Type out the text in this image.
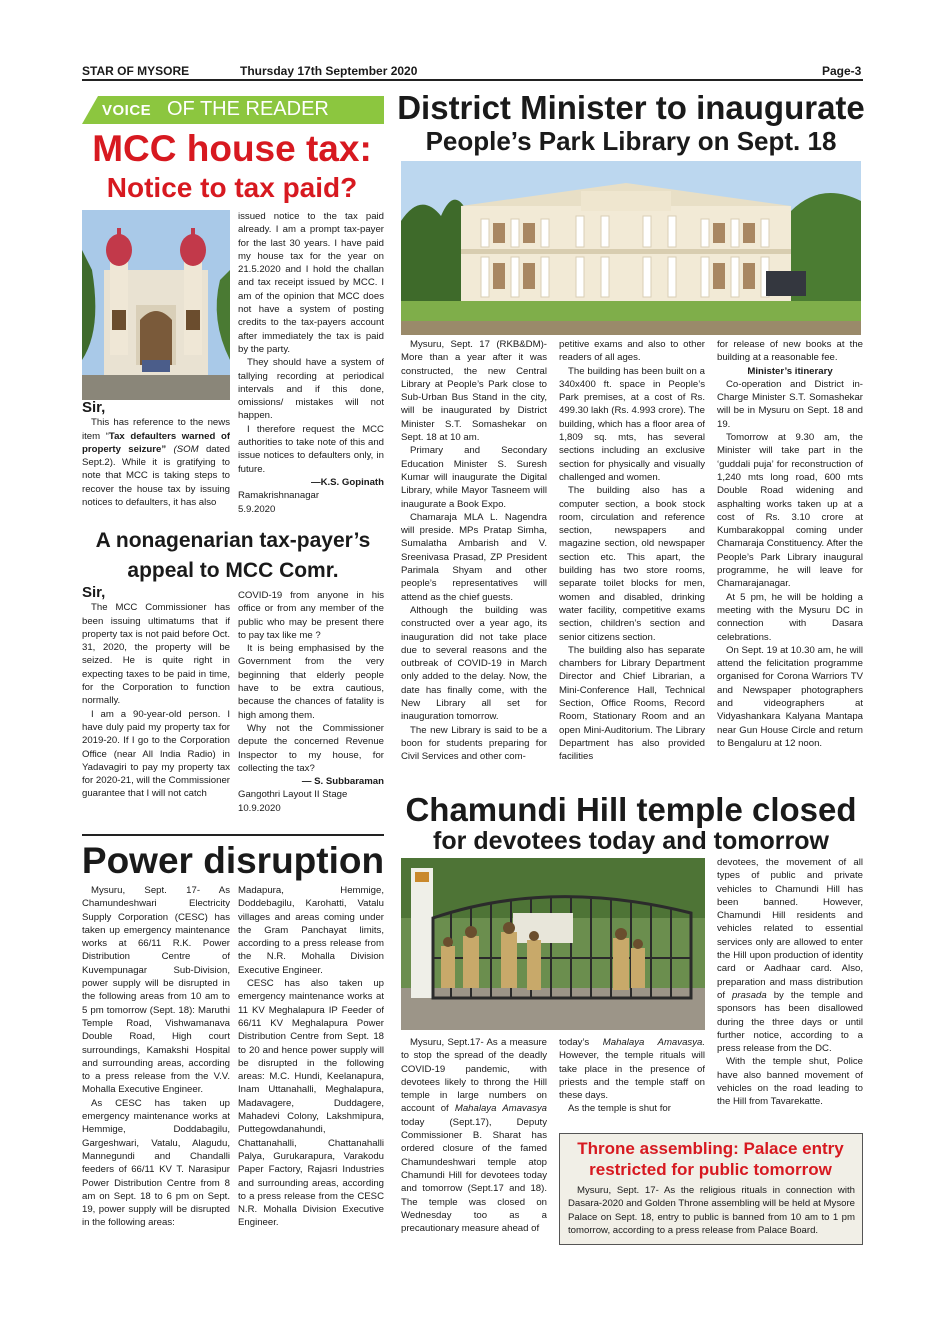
STAR OF MYSORE	Thursday 17th September 2020	Page-3
VOICE OF THE READER
MCC house tax:
Notice to tax paid?

Sir,

This has reference to the news item “Tax defaulters warned of property seizure” (SOM dated Sept.2). While it is gratifying to note that MCC is taking steps to recover the house tax by issuing notices to defaulters, it has also

issued notice to the tax paid already. I am a prompt tax-payer for the last 30 years. I have paid my house tax for the year on 21.5.2020 and I hold the challan and tax receipt issued by MCC. I am of the opinion that MCC does not have a system of posting credits to the tax-payers account after immediately the tax is paid by the party.

They should have a system of tallying recording at periodical intervals and if this done, omissions/ mistakes will not happen.

I therefore request the MCC authorities to take note of this and issue notices to defaulters only, in future.

—K.S. Gopinath

Ramakrishnanagar

5.9.2020

A nonagenarian tax-payer’s
appeal to MCC Comr.

Sir,

The MCC Commissioner has been issuing ultimatums that if property tax is not paid before Oct. 31, 2020, the property will be seized. He is quite right in expecting taxes to be paid in time, for the Corporation to function normally.

I am a 90-year-old person. I have duly paid my property tax for 2019-20. If I go to the Corporation Office (near All India Radio) in Yadavagiri to pay my property tax for 2020-21, will the Commissioner guarantee that I will not catch

COVID-19 from anyone in his office or from any member of the public who may be present there to pay tax like me ?

It is being emphasised by the Government from the very beginning that elderly people have to be extra cautious, because the chances of fatality is high among them.

Why not the Commissioner depute the concerned Revenue Inspector to my house, for collecting the tax?

— S. Subbaraman

Gangothri Layout II Stage

10.9.2020

Power disruption

Mysuru, Sept. 17- As Chamundeshwari Electricity Supply Corporation (CESC) has taken up emergency maintenance works at 66/11 R.K. Power Distribution Centre of Kuvempunagar Sub-Division, power supply will be disrupted in the following areas from 10 am to 5 pm tomorrow (Sept. 18): Maruthi Temple Road, Vishwamanava Double Road, High court surroundings, Kamakshi Hospital and surrounding areas, according to a press release from the V.V. Mohalla Executive Engineer.

As CESC has taken up emergency maintenance works at Hemmige, Doddabagilu, Gargeshwari, Vatalu, Alagudu, Mannegundi and Chandalli feeders of 66/11 KV T. Narasipur Power Distribution Centre from 8 am on Sept. 18 to 6 pm on Sept. 19, power supply will be disrupted in the following areas:

Madapura, Hemmige, Doddebagilu, Karohatti, Vatalu villages and areas coming under the Gram Panchayat limits, according to a press release from the N.R. Mohalla Division Executive Engineer.

CESC has also taken up emergency maintenance works at 11 KV Meghalapura IP Feeder of 66/11 KV Meghalapura Power Distribution Centre from Sept. 18 to 20 and hence power supply will be disrupted in the following areas: M.C. Hundi, Keelanapura, Inam Uttanahalli, Meghalapura, Madavagere, Duddagere, Mahadevi Colony, Lakshmipura, Puttegowdanahundi, Chattanahalli, Chattanahalli Palya, Gurukarapura, Varakodu Paper Factory, Rajasri Industries and surrounding areas, according to a press release from the CESC N.R. Mohalla Division Executive Engineer.

District Minister to inaugurate
People’s Park Library on Sept. 18

Mysuru, Sept. 17 (RKB&DM)- More than a year after it was constructed, the new Central Library at People’s Park close to Sub-Urban Bus Stand in the city, will be inaugurated by District Minister S.T. Somashekar on Sept. 18 at 10 am.

Primary and Secondary Education Minister S. Suresh Kumar will inaugurate the Digital Library, while Mayor Tasneem will inaugurate a Book Expo.

Chamaraja MLA L. Nagendra will preside. MPs Pratap Simha, Sumalatha Ambarish and V. Sreenivasa Prasad, ZP President Parimala Shyam and other people’s representatives will attend as the chief guests.

Although the building was constructed over a year ago, its inauguration did not take place due to several reasons and the outbreak of COVID-19 in March only added to the delay. Now, the date has finally come, with the New Library all set for inauguration tomorrow.

The new Library is said to be a boon for students preparing for Civil Services and other com-

petitive exams and also to other readers of all ages.

The building has been built on a 340x400 ft. space in People’s Park premises, at a cost of Rs. 499.30 lakh (Rs. 4.993 crore). The building, which has a floor area of 1,809 sq. mts, has several sections including an exclusive section for physically and visually challenged and women.

The building also has a computer section, a book stock room, circulation and reference section, newspapers and magazine section, old newspaper section etc. This apart, the building has two store rooms, separate toilet blocks for men, women and disabled, drinking water facility, competitive exams section, children’s section and senior citizens section.

The building also has separate chambers for Library Department Director and Chief Librarian, a Mini-Conference Hall, Technical Section, Office Rooms, Record Room, Stationary Room and an open Mini-Auditorium. The Library Department has also provided facilities

for release of new books at the building at a reasonable fee.

Minister’s itinerary

Co-operation and District in-Charge Minister S.T. Somashekar will be in Mysuru on Sept. 18 and 19.

Tomorrow at 9.30 am, the Minister will take part in the ‘guddali puja’ for reconstruction of 1,240 mts long road, 600 mts Double Road widening and asphalting works taken up at a cost of Rs. 3.10 crore at Kumbarakoppal coming under Chamaraja Constituency. After the People’s Park Library inaugural programme, he will leave for Chamarajanagar.

At 5 pm, he will be holding a meeting with the Mysuru DC in connection with Dasara celebrations.

On Sept. 19 at 10.30 am, he will attend the felicitation programme organised for Corona Warriors TV and Newspaper photographers and videographers at Vidyashankara Kalyana Mantapa near Gun House Circle and return to Bengaluru at 12 noon.

Chamundi Hill temple closed
for devotees today and tomorrow

Mysuru, Sept.17- As a measure to stop the spread of the deadly COVID-19 pandemic, with devotees likely to throng the Hill temple in large numbers on account of Mahalaya Amavasya today (Sept.17), Deputy Commissioner B. Sharat has ordered closure of the famed Chamundeshwari temple atop Chamundi Hill for devotees today and tomorrow (Sept.17 and 18). The temple was closed on Wednesday too as a precautionary measure ahead of

today’s Mahalaya Amavasya. However, the temple rituals will take place in the presence of priests and the temple staff on these days.

As the temple is shut for

devotees, the movement of all types of public and private vehicles to Chamundi Hill has been banned. However, Chamundi Hill residents and vehicles related to essential services only are allowed to enter the Hill upon production of identity card or Aadhaar card. Also, preparation and mass distribution of prasada by the temple and sponsors has been disallowed during the three days or until further notice, according to a press release from the DC.

With the temple shut, Police have also banned movement of vehicles on the road leading to the Hill from Tavarekatte.

Throne assembling: Palace entry
restricted for public tomorrow
Mysuru, Sept. 17- As the religious rituals in connection with Dasara-2020 and Golden Throne assembling will be held at Mysore Palace on Sept. 18, entry to public is banned from 10 am to 1 pm tomorrow, according to a press release from Palace Board.
